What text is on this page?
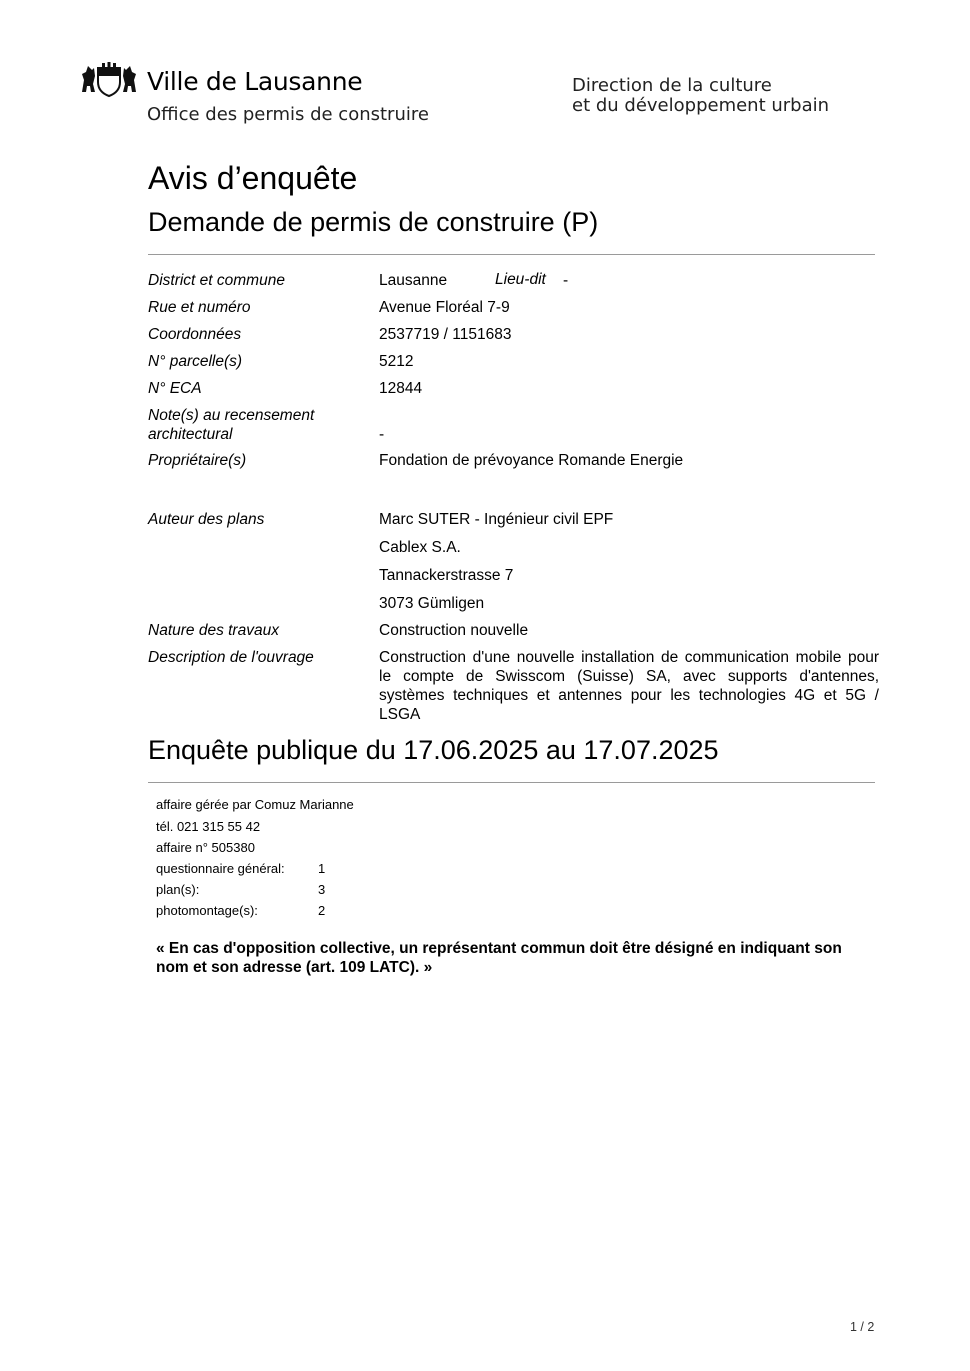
Ville de Lausanne
Office des permis de construire
Direction de la culture
et du développement urbain
Avis d’enquête
Demande de permis de construire (P)
District et commune	Lausanne	Lieu-dit -
Rue et numéro	Avenue Floréal 7-9
Coordonnées	2537719 / 1151683
N° parcelle(s)	5212
N° ECA	12844
Note(s) au recensement
architectural	-
Propriétaire(s)	Fondation de prévoyance Romande Energie
Auteur des plans	Marc SUTER - Ingénieur civil EPF
Cablex S.A.
Tannackerstrasse 7
3073 Gümligen
Nature des travaux	Construction nouvelle
Description de l'ouvrage	Construction d'une nouvelle installation de communication mobile pour le compte de Swisscom (Suisse) SA, avec supports d'antennes, systèmes techniques et antennes pour les technologies 4G et 5G / LSGA
Enquête publique du 17.06.2025 au 17.07.2025
affaire gérée par Comuz Marianne
tél. 021 315 55 42
affaire n° 505380
questionnaire général:	1
plan(s):	3
photomontage(s):	2
« En cas d'opposition collective, un représentant commun doit être désigné en indiquant son nom et son adresse (art. 109 LATC). »
1 / 2
